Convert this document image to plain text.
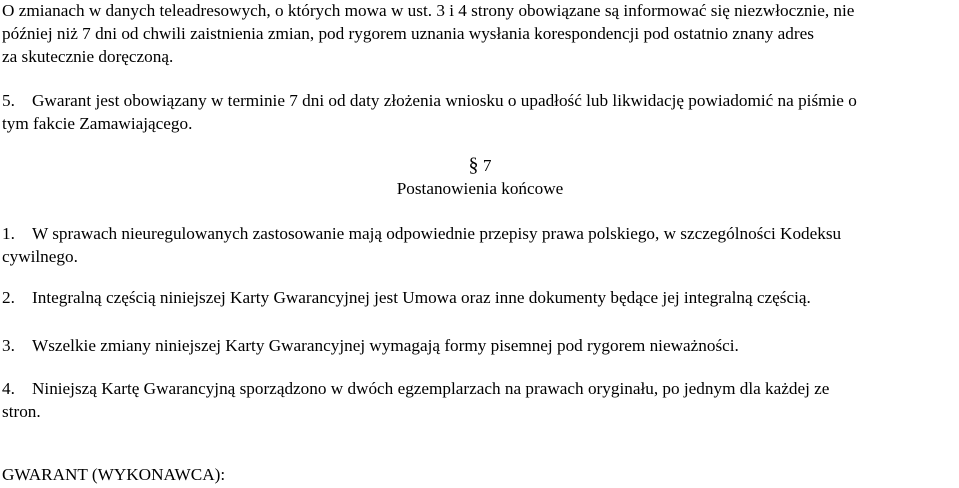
O zmianach w danych teleadresowych, o których mowa w ust. 3 i 4 strony obowiązane są informować się niezwłocznie, nie
później niż 7 dni od chwili zaistnienia zmian, pod rygorem uznania wysłania korespondencji pod ostatnio znany adres
za skutecznie doręczoną.
5. Gwarant jest obowiązany w terminie 7 dni od daty złożenia wniosku o upadłość lub likwidację powiadomić na piśmie o
tym fakcie Zamawiającego.
§ 7
Postanowienia końcowe
1. W sprawach nieuregulowanych zastosowanie mają odpowiednie przepisy prawa polskiego, w szczególności Kodeksu
cywilnego.
2. Integralną częścią niniejszej Karty Gwarancyjnej jest Umowa oraz inne dokumenty będące jej integralną częścią.
3. Wszelkie zmiany niniejszej Karty Gwarancyjnej wymagają formy pisemnej pod rygorem nieważności.
4. Niniejszą Kartę Gwarancyjną sporządzono w dwóch egzemplarzach na prawach oryginału, po jednym dla każdej ze
stron.
GWARANT (WYKONAWCA):
